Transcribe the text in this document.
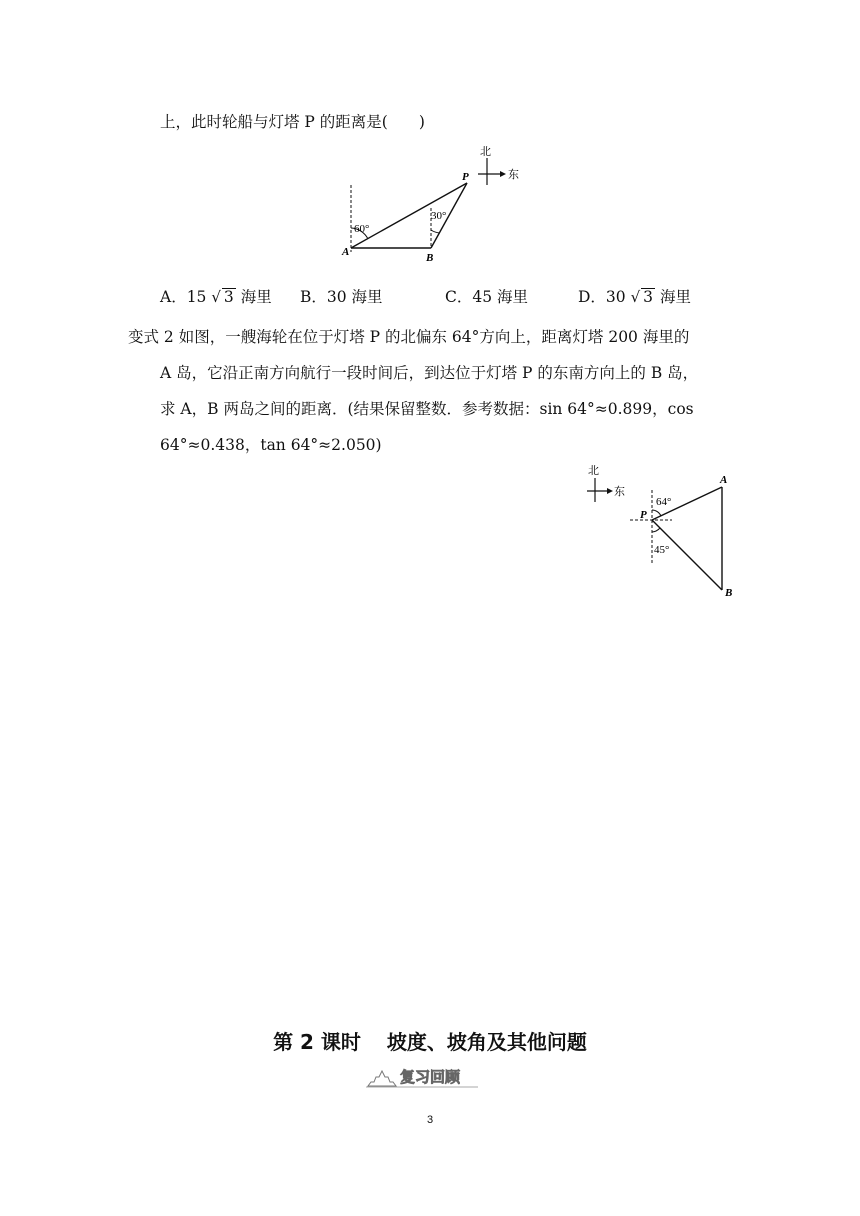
上，此时轮船与灯塔 P 的距离是(  )
北
东
60°
30°
P
A	B
A．15 √ 3 海里 B．30 海里	C．45 海里	D．30 √ 3 海里
变式 2 如图，一艘海轮在位于灯塔 P 的北偏东 64°方向上，距离灯塔 200 海里的
A 岛，它沿正南方向航行一段时间后，到达位于灯塔 P 的东南方向上的 B 岛，
求 A，B 两岛之间的距离．(结果保留整数．参考数据：sin 64°≈0.899，cos
64°≈0.438，tan 64°≈2.050)
北
东
64°
45°
P
A
B
第 2 课时 坡度、坡角及其他问题
复习回顾
3
